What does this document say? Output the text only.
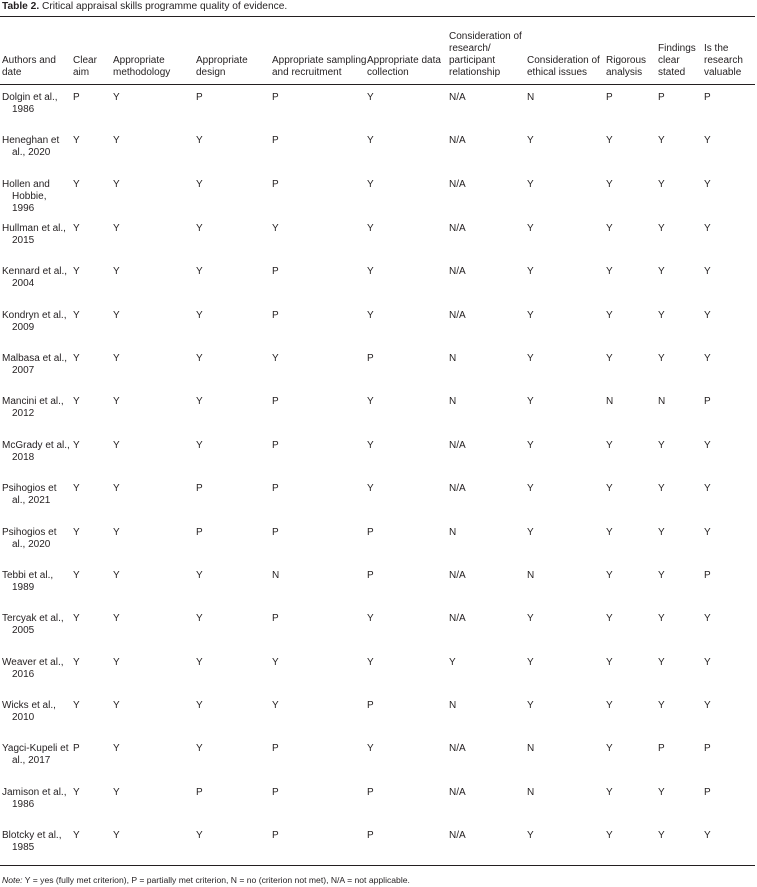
Table 2. Critical appraisal skills programme quality of evidence.
Authors and date	Clear aim	Appropriate methodology	Appropriate design	Appropriate sampling and recruitment	Appropriate data collection	Consideration of research/ participant relationship	Consideration of ethical issues	Rigorous analysis	Findings clear stated	Is the research valuable
Dolgin et al., 1986	P	Y	P	P	Y	N/A	N	P	P	P
Heneghan et al., 2020	Y	Y	Y	P	Y	N/A	Y	Y	Y	Y
Hollen and Hobbie, 1996	Y	Y	Y	P	Y	N/A	Y	Y	Y	Y
Hullman et al., 2015	Y	Y	Y	Y	Y	N/A	Y	Y	Y	Y
Kennard et al., 2004	Y	Y	Y	P	Y	N/A	Y	Y	Y	Y
Kondryn et al., 2009	Y	Y	Y	P	Y	N/A	Y	Y	Y	Y
Malbasa et al., 2007	Y	Y	Y	Y	P	N	Y	Y	Y	Y
Mancini et al., 2012	Y	Y	Y	P	Y	N	Y	N	N	P
McGrady et al., 2018	Y	Y	Y	P	Y	N/A	Y	Y	Y	Y
Psihogios et al., 2021	Y	Y	P	P	Y	N/A	Y	Y	Y	Y
Psihogios et al., 2020	Y	Y	P	P	P	N	Y	Y	Y	Y
Tebbi et al., 1989	Y	Y	Y	N	P	N/A	N	Y	Y	P
Tercyak et al., 2005	Y	Y	Y	P	Y	N/A	Y	Y	Y	Y
Weaver et al., 2016	Y	Y	Y	Y	Y	Y	Y	Y	Y	Y
Wicks et al., 2010	Y	Y	Y	Y	P	N	Y	Y	Y	Y
Yagci-Kupeli et al., 2017	P	Y	Y	P	Y	N/A	N	Y	P	P
Jamison et al., 1986	Y	Y	P	P	P	N/A	N	Y	Y	P
Blotcky et al., 1985	Y	Y	Y	P	P	N/A	Y	Y	Y	Y
Note: Y = yes (fully met criterion), P = partially met criterion, N = no (criterion not met), N/A = not applicable.
